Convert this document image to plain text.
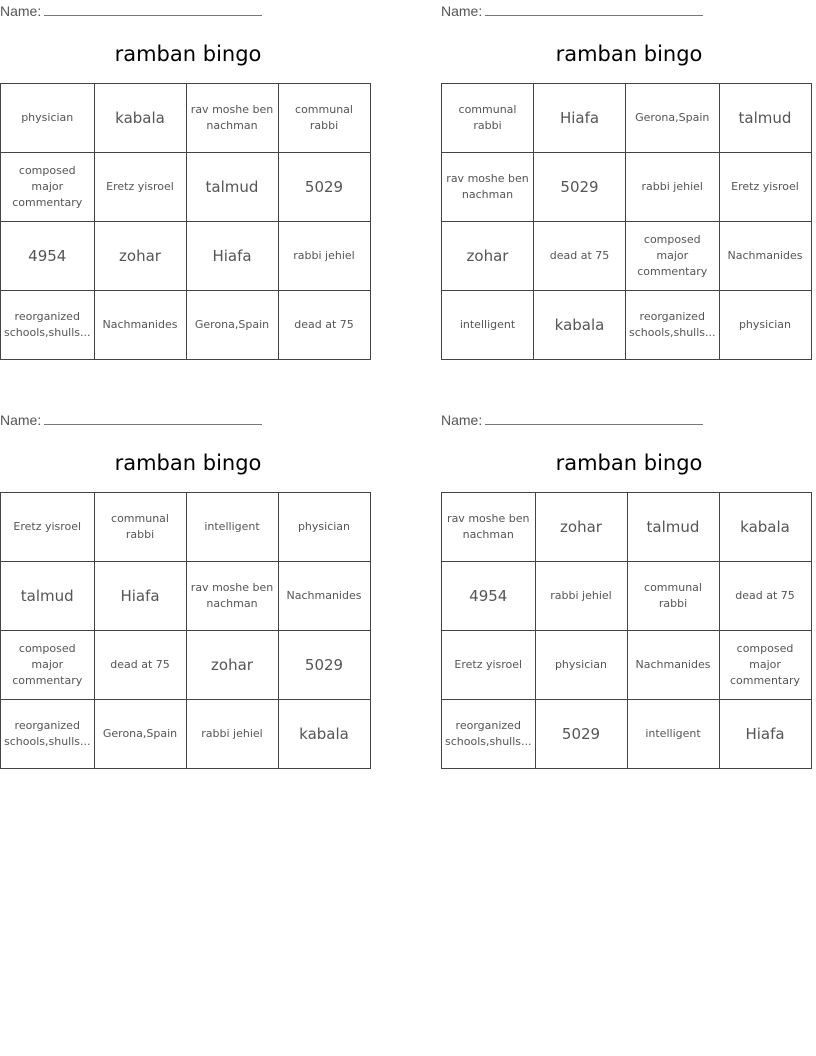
Name:
ramban bingo
physician	kabala	rav moshe ben nachman	communal rabbi
composed major commentary	Eretz yisroel	talmud	5029
4954	zohar	Hiafa	rabbi jehiel
reorganized schools,shulls...	Nachmanides	Gerona,Spain	dead at 75
Name:
ramban bingo
communal rabbi	Hiafa	Gerona,Spain	talmud
rav moshe ben nachman	5029	rabbi jehiel	Eretz yisroel
zohar	dead at 75	composed major commentary	Nachmanides
intelligent	kabala	reorganized schools,shulls...	physician
Name:
ramban bingo
Eretz yisroel	communal rabbi	intelligent	physician
talmud	Hiafa	rav moshe ben nachman	Nachmanides
composed major commentary	dead at 75	zohar	5029
reorganized schools,shulls...	Gerona,Spain	rabbi jehiel	kabala
Name:
ramban bingo
rav moshe ben nachman	zohar	talmud	kabala
4954	rabbi jehiel	communal rabbi	dead at 75
Eretz yisroel	physician	Nachmanides	composed major commentary
reorganized schools,shulls...	5029	intelligent	Hiafa
